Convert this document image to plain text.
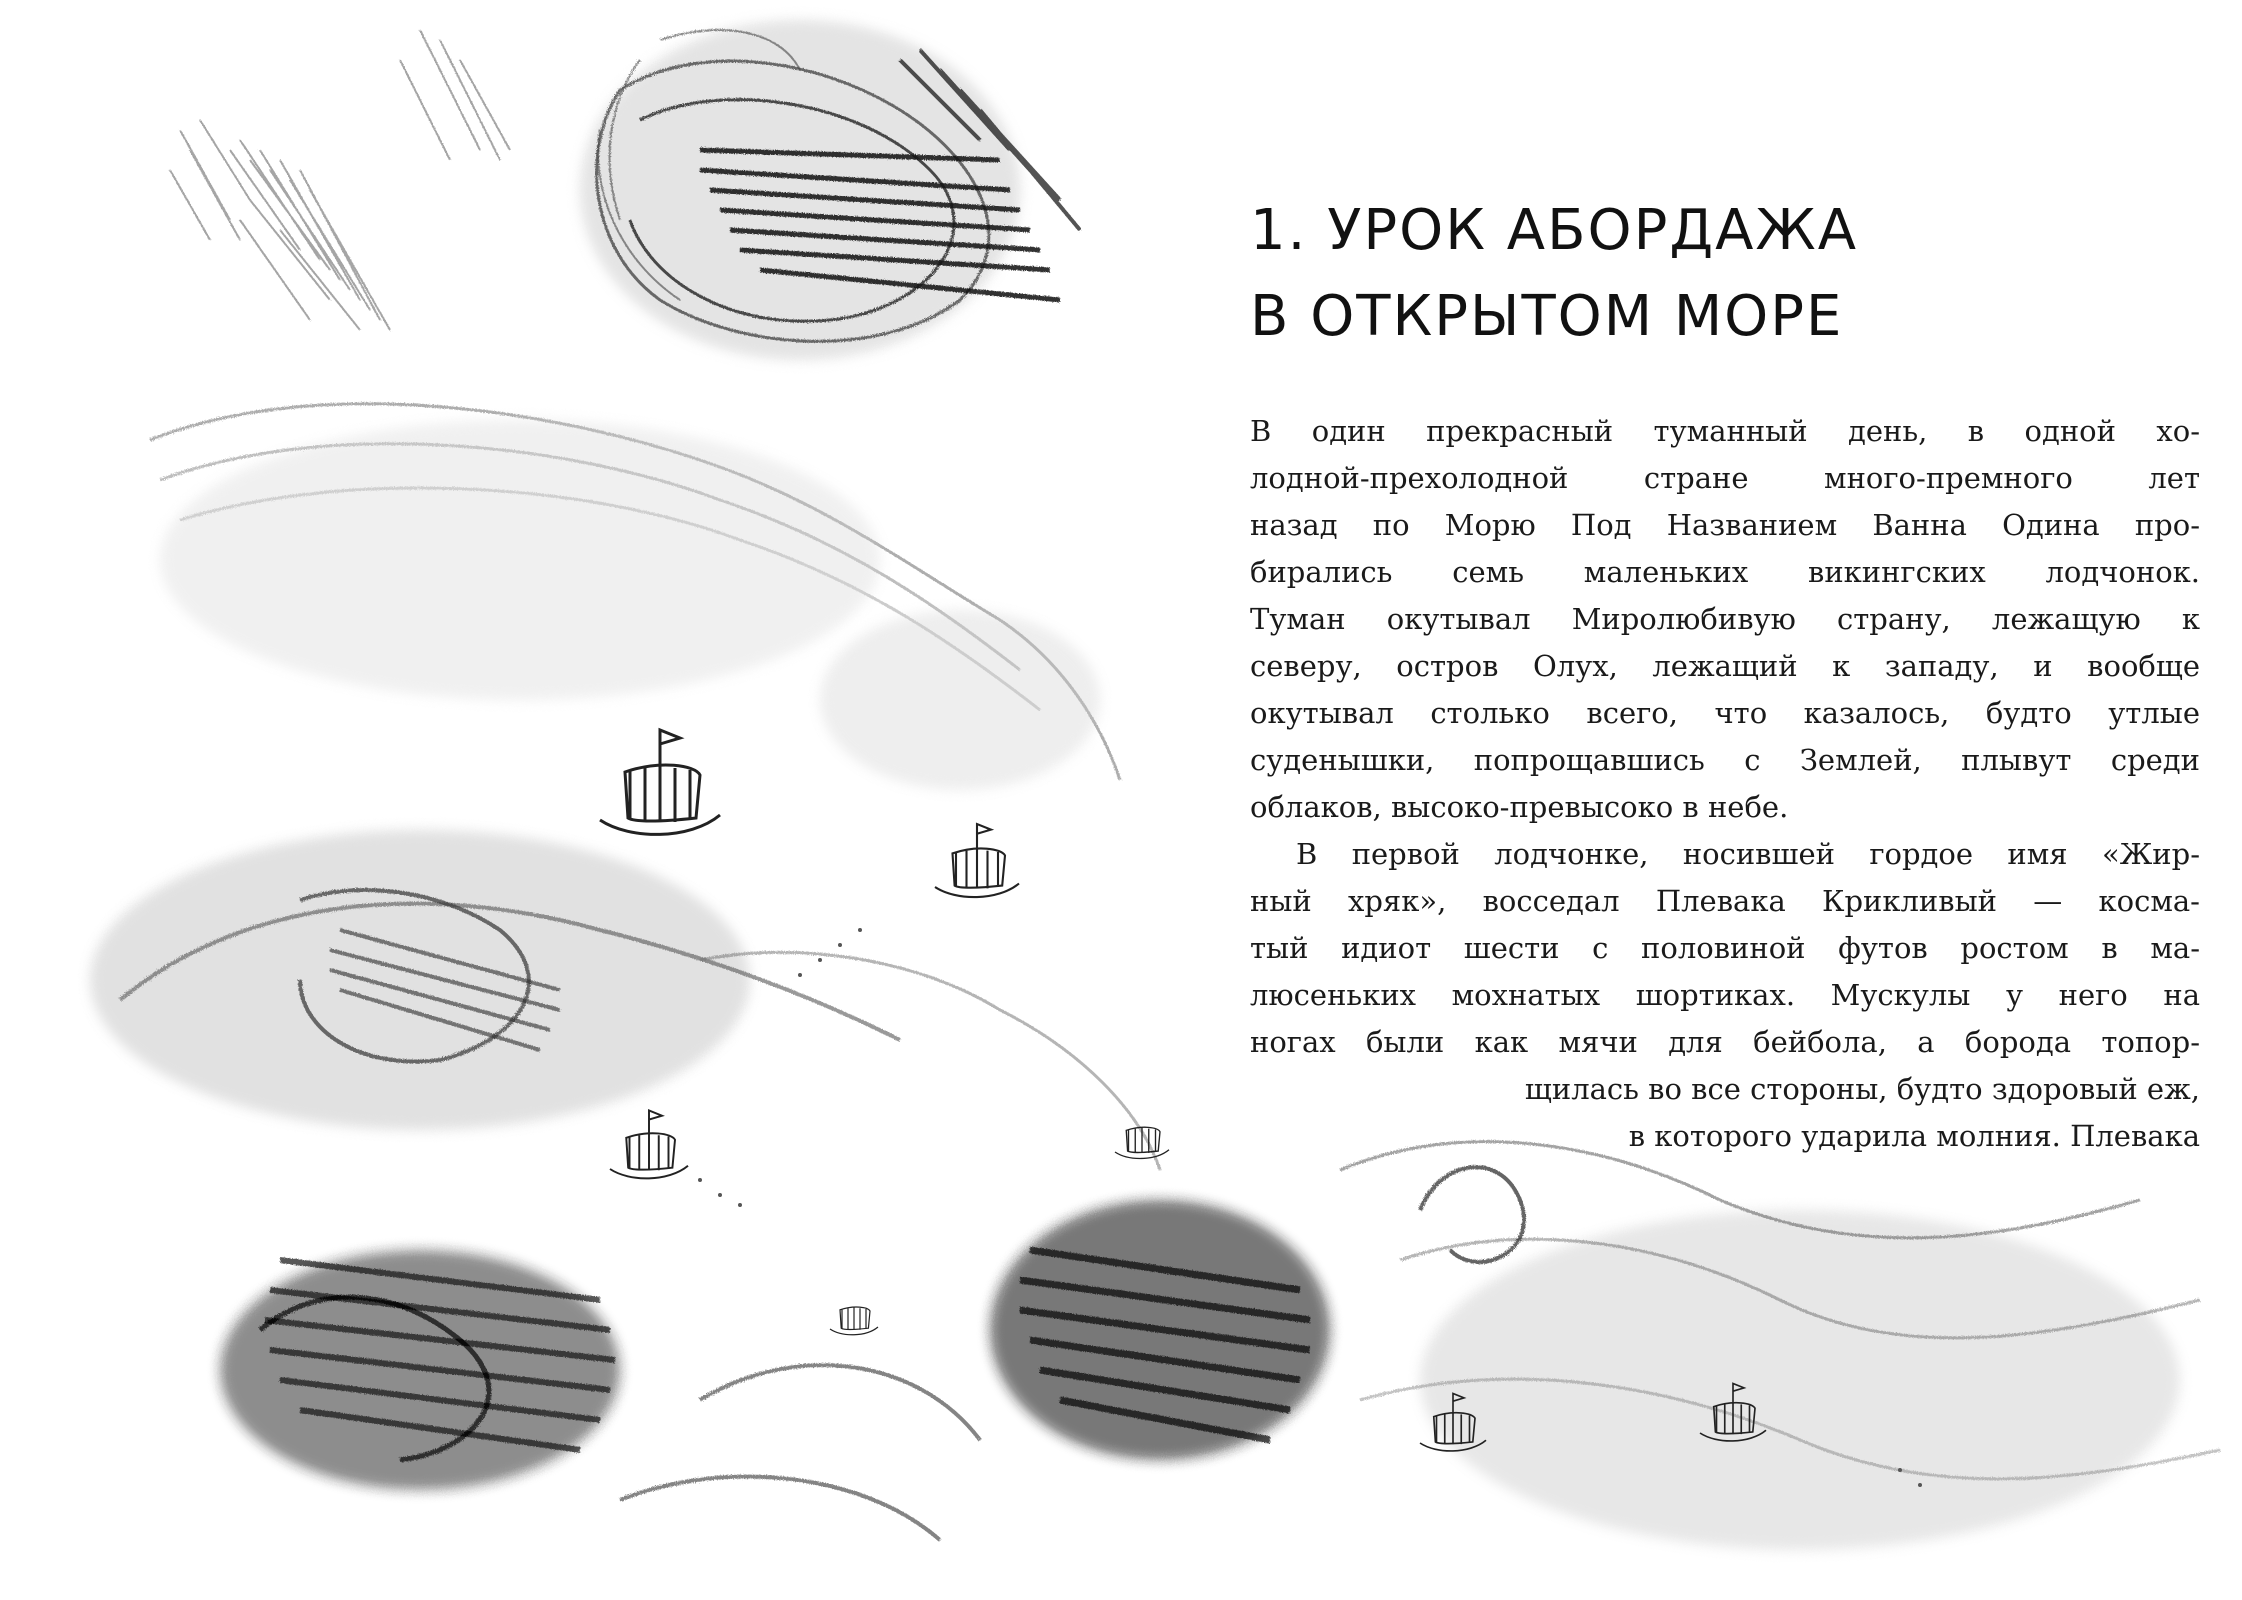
1. УРОК АБОРДАЖА
В ОТКРЫТОМ МОРЕ
В один прекрасный туманный день, в одной хо-
лодной-прехолодной стране много-премного лет
назад по Морю Под Названием Ванна Одина про-
бирались семь маленьких викингских лодчонок.
Туман окутывал Миролюбивую страну, лежащую к
северу, остров Олух, лежащий к западу, и вообще
окутывал столько всего, что казалось, будто утлые
суденышки, попрощавшись с Землей, плывут среди
облаков, высоко-превысоко в небе.
В первой лодчонке, носившей гордое имя «Жир-
ный хряк», восседал Плевака Крикливый — косма-
тый идиот шести с половиной футов ростом в ма-
люсеньких мохнатых шортиках. Мускулы у него на
ногах были как мячи для бейбола, а борода топор-
щилась во все стороны, будто здоровый еж,
в которого ударила молния. Плевака
